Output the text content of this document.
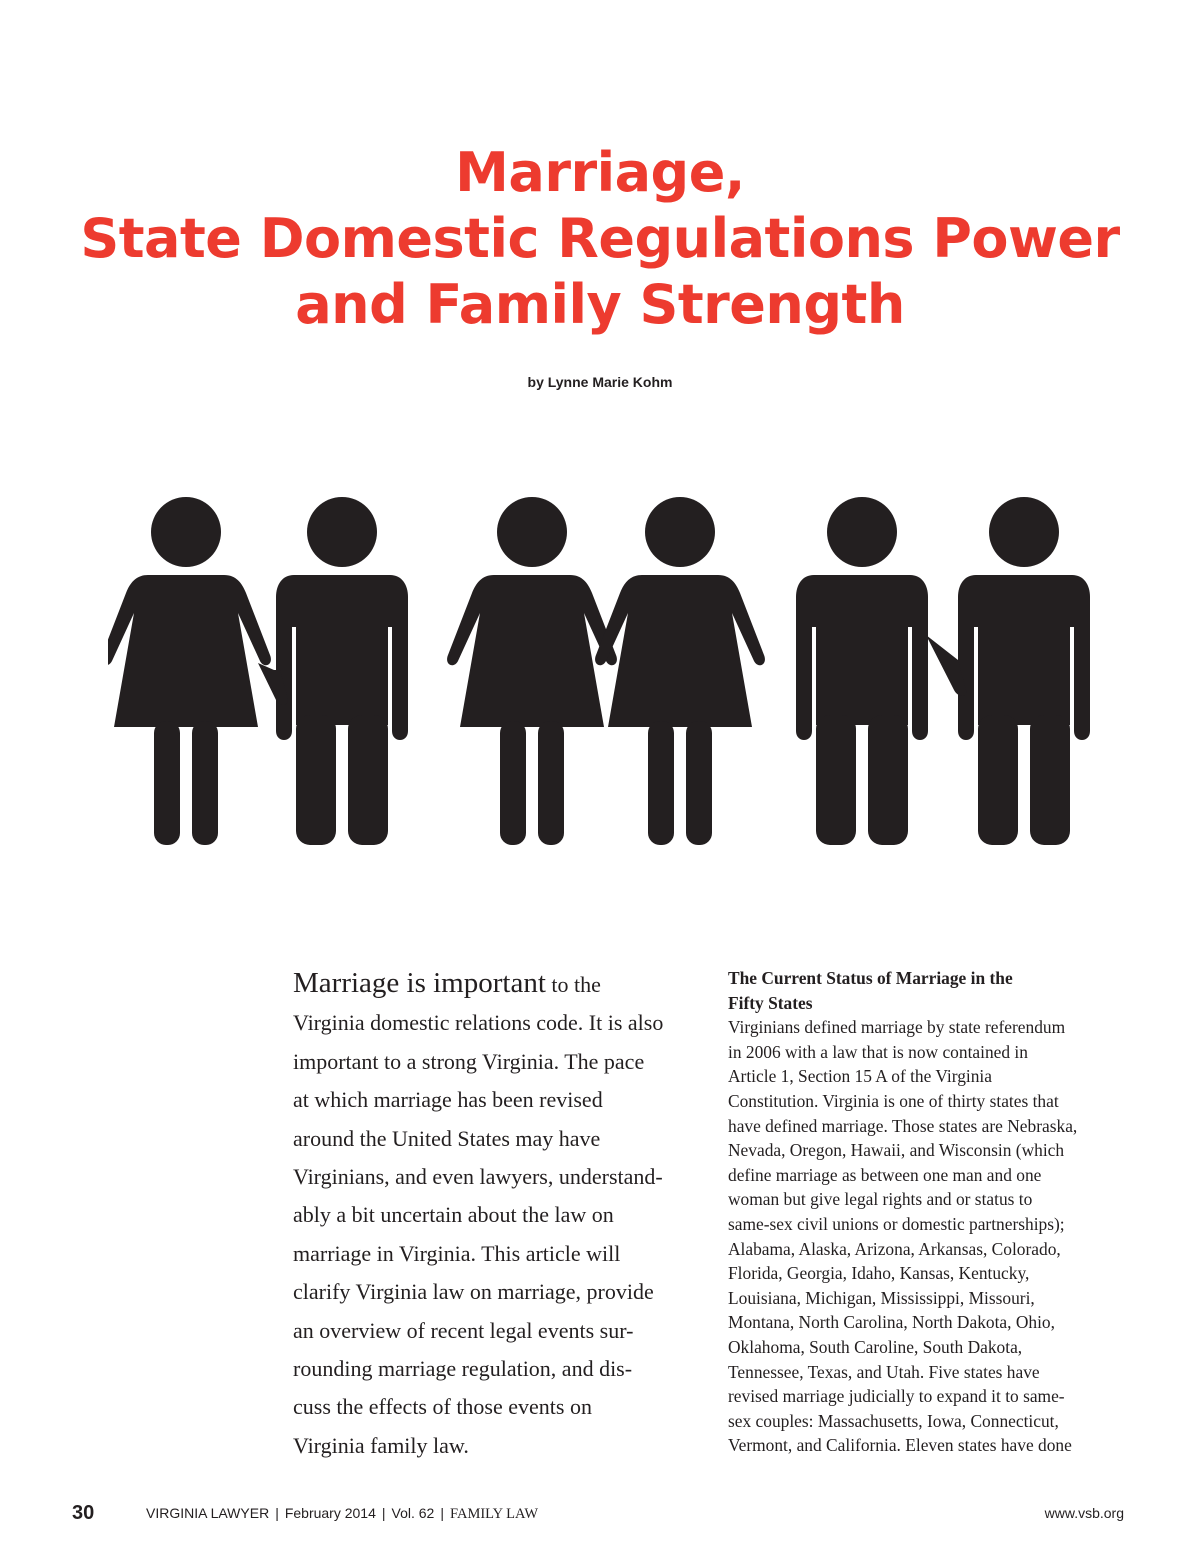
Marriage,
State Domestic Regulations Power
and Family Strength
by Lynne Marie Kohm
Marriage is important to the
Virginia domestic relations code. It is also
important to a strong Virginia. The pace
at which marriage has been revised
around the United States may have
Virginians, and even lawyers, understand-
ably a bit uncertain about the law on
marriage in Virginia. This article will
clarify Virginia law on marriage, provide
an overview of recent legal events sur-
rounding marriage regulation, and dis-
cuss the effects of those events on
Virginia family law.
The Current Status of Marriage in the
Fifty States

Virginians defined marriage by state referendum
in 2006 with a law that is now contained in
Article 1, Section 15 A of the Virginia
Constitution. Virginia is one of thirty states that
have defined marriage. Those states are Nebraska,
Nevada, Oregon, Hawaii, and Wisconsin (which
define marriage as between one man and one
woman but give legal rights and or status to
same-sex civil unions or domestic partnerships);
Alabama, Alaska, Arizona, Arkansas, Colorado,
Florida, Georgia, Idaho, Kansas, Kentucky,
Louisiana, Michigan, Mississippi, Missouri,
Montana, North Carolina, North Dakota, Ohio,
Oklahoma, South Caroline, South Dakota,
Tennessee, Texas, and Utah. Five states have
revised marriage judicially to expand it to same-
sex couples: Massachusetts, Iowa, Connecticut,
Vermont, and California. Eleven states have done

30	VIRGINIA LAWYER | February 2014 | Vol. 62 | FAMILY LAW	www.vsb.org
